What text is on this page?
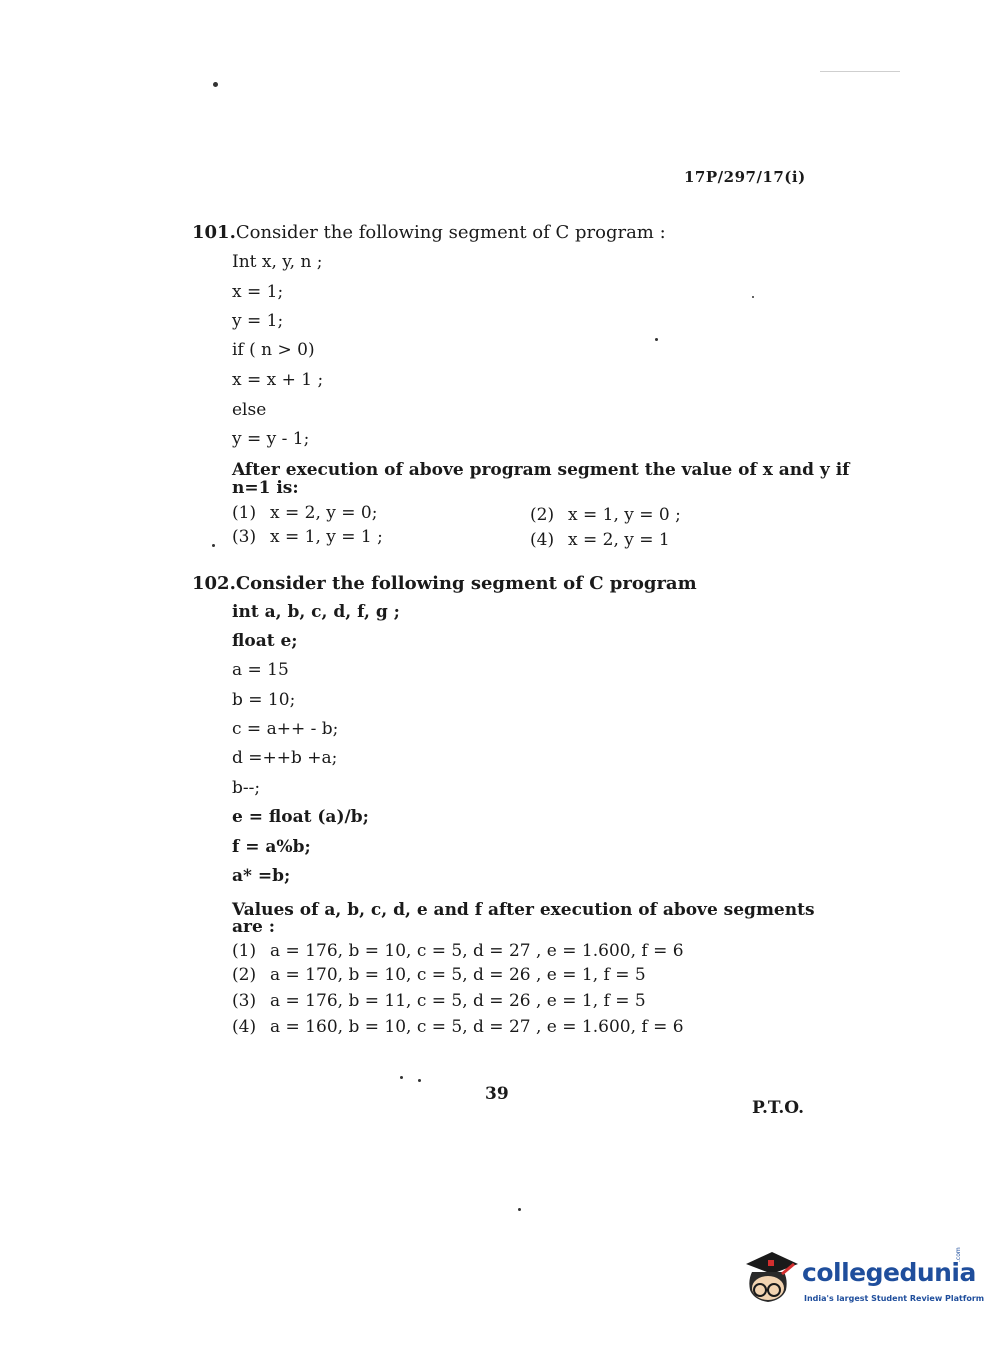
17P/297/17(i)
101.Consider the following segment of C program :
Int x, y, n ;
x = 1;
y = 1;
if ( n > 0)
x = x + 1 ;
else
y = y - 1;
After execution of above program segment the value of x and y if
n=1 is:
(1) x = 2, y = 0;	(2) x = 1, y = 0 ;
(3) x = 1, y = 1 ;	(4) x = 2, y = 1
102.Consider the following segment of C program
int a, b, c, d, f, g ;
float e;
a = 15
b = 10;
c = a++ - b;
d =++b +a;
b--;
e = float (a)/b;
f = a%b;
a* =b;
Values of a, b, c, d, e and f after execution of above segments
are :
(1) a = 176, b = 10, c = 5, d = 27 , e = 1.600, f = 6
(2) a = 170, b = 10, c = 5, d = 26 , e = 1, f = 5
(3) a = 176, b = 11, c = 5, d = 26 , e = 1, f = 5
(4) a = 160, b = 10, c = 5, d = 27 , e = 1.600, f = 6
39
P.T.O.
collegedunia
.com
India's largest Student Review Platform
